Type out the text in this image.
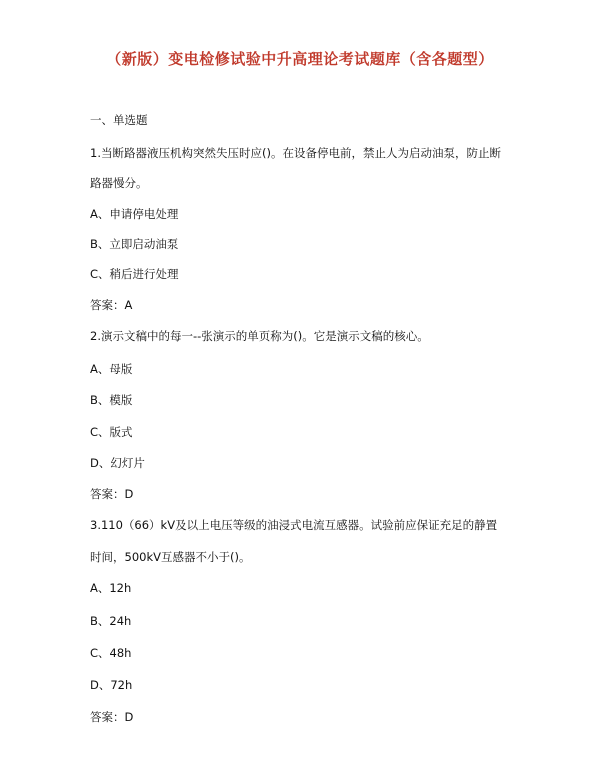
（新版）变电检修试验中升高理论考试题库（含各题型）
一、单选题
1.当断路器液压机构突然失压时应()。在设备停电前，禁止人为启动油泵，防止断
路器慢分。
A、申请停电处理
B、立即启动油泵
C、稍后进行处理
答案：A
2.演示文稿中的每一--张演示的单页称为()。它是演示文稿的核心。
A、母版
B、模版
C、版式
D、幻灯片
答案：D
3.110（66）kV及以上电压等级的油浸式电流互感器。试验前应保证充足的静置
时间，500kV互感器不小于()。
A、12h
B、24h
C、48h
D、72h
答案：D
